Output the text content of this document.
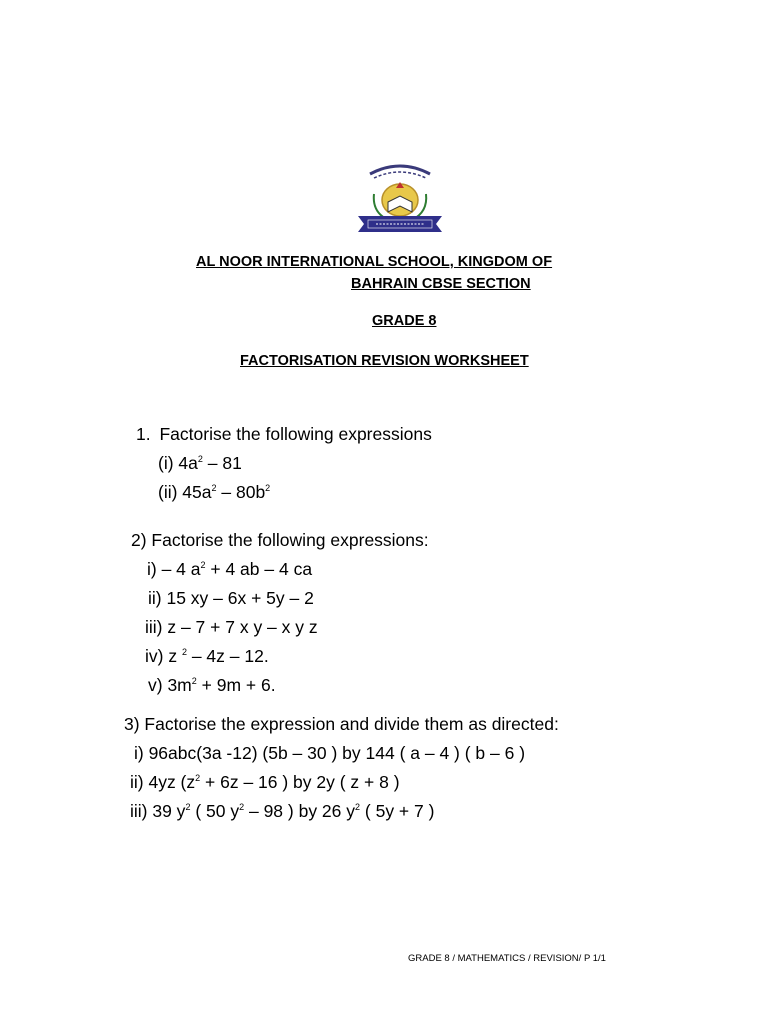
AL NOOR INTERNATIONAL SCHOOL, KINGDOM OF
BAHRAIN CBSE SECTION
GRADE 8
FACTORISATION REVISION WORKSHEET
1. Factorise the following expressions
(i) $4a^2 - 81$
(ii) $45a^2 - 80b^2$
2) Factorise the following expressions:
i) – 4 $a^2 + 4$ ab – 4 ca
ii) 15 xy – 6x + 5y – 2
iii) z – 7 + 7 x y – x y z
iv) z $^2$ – 4z – 12.
v) $3m^2 + 9m + 6$.
3) Factorise the expression and divide them as directed:
i) 96abc(3a -12) (5b – 30 ) by 144 ( a – 4 ) ( b – 6 )
ii) 4yz ($z^2 + 6z - 16$ ) by 2y ( z + 8 )
iii) 39 $y^2$ ( 50 $y^2 - 98$ ) by 26 $y^2$ ( 5y + 7 )
GRADE 8 / MATHEMATICS / REVISION/ P 1/1
